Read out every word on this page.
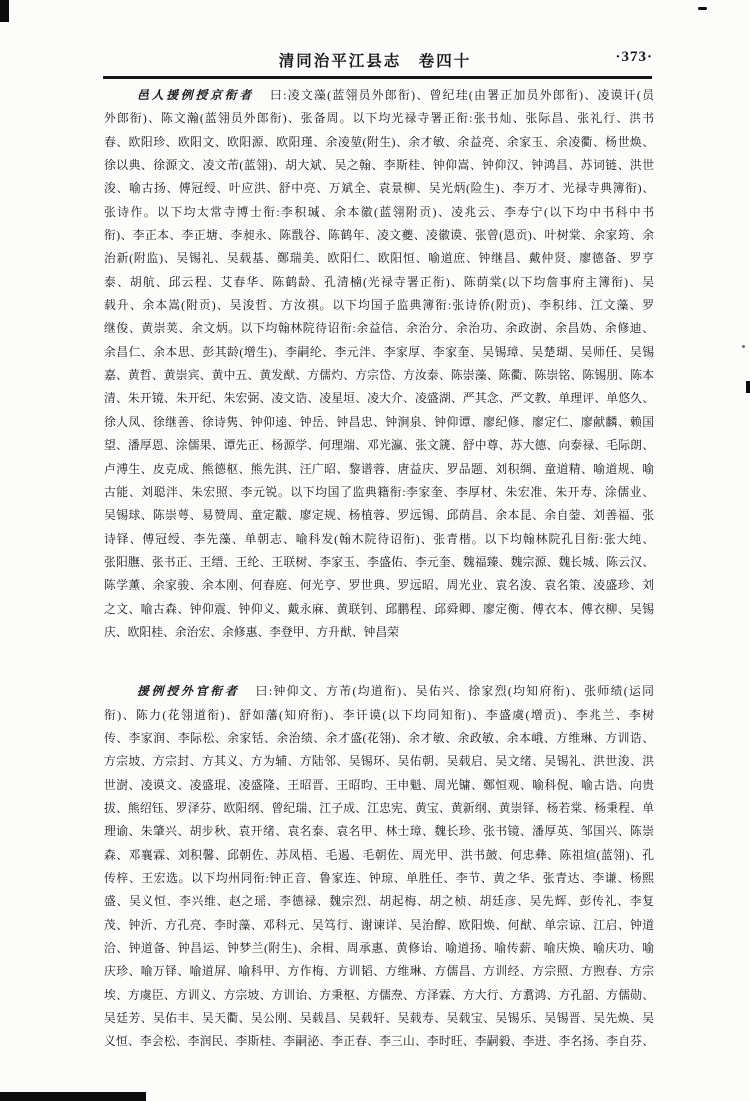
清同治平江县志　卷四十	·373·
邑人援例授京衔者 曰:凌文藻(蓝翎员外郎衔)、曾纪珪(由署正加员外郎衔)、凌谟讦(员
外郎衔)、陈文瀚(蓝翎员外郎衔)、张备周。以下均光禄寺署正衔:张书灿、张际昌、张礼行、洪书
春、欧阳珍、欧阳文、欧阳源、欧阳瑾、余凌堃(附生)、余才敏、余益亮、余家玉、余凌衢、杨世焕、
徐以典、徐源文、凌文芾(蓝翎)、胡大斌、吴之翰、李斯桂、钟仰嵩、钟仰汉、钟鸿昌、苏词链、洪世
浚、喻古扬、傅冠绶、叶应洪、舒中亮、万斌全、袁景柳、吴光炳(险生)、李万才、光禄寺典簿衔)、
张诗作。以下均太常寺博士衔:李积瑊、余本徽(蓝翎附贡)、凌兆云、李寿宁(以下均中书科中书
衔)、李正本、李正塘、李昶永、陈戬谷、陈鹤年、凌文夔、凌徽谟、张曾(恩贡)、叶树棠、余家筠、余
治新(附监)、吴锡礼、吴载基、鄭瑞美、欧阳仁、欧阳恒、喻道庶、钟继昌、戴仲贤、廖德备、罗亨
泰、胡航、邱云程、艾春华、陈鹤龄、孔清楠(光禄寺署正衔)、陈荫棠(以下均詹事府主簿衔)、吴
载升、余本嵩(附贡)、吴浚哲、方汝祺。以下均国子监典簿衔:张诗侨(附贡)、李积纬、江文藻、罗
继俊、黄崇荚、余文炳。以下均翰林院待诏衔:余益信、余治分、余治功、余政澍、余昌妫、余修迪、
余昌仁、余本思、彭其龄(增生)、李嗣纶、李元泮、李家厚、李家奎、吴锡璋、吴楚瑚、吴师任、吴锡
嘉、黄哲、黄崇宾、黄中五、黄发猷、方儒灼、方宗岱、方汝泰、陈崇藻、陈衢、陈崇铭、陈锡朋、陈本
清、朱开镜、朱开纪、朱宏弼、凌文诰、凌星垣、凌大介、凌盛湖、严其念、严文教、单理评、单悠久、
徐人凤、徐继善、徐诗隽、钟仰逵、钟岳、钟昌忠、钟涧泉、钟仰谭、廖纪修、廖定仁、廖献麟、赖国
望、潘厚恩、涂儒果、谭先正、杨源学、何理端、邓光瀛、张文篪、舒中尊、苏大德、向泰禄、毛际朗、
卢溥生、皮克成、熊德枢、熊先淇、汪广昭、黎谱蓉、唐益庆、罗品题、刘积绸、童道精、喻道规、喻
古能、刘聪泮、朱宏照、李元锐。以下均国了监典籍衔:李家奎、李厚材、朱宏准、朱开寿、涂儒业、
吴锡球、陈崇萼、易赞周、童定黻、廖定规、杨植蓉、罗远锡、邱荫昌、余本昆、余自蓥、刘善福、张
诗铎、傅冠绶、李先藻、单朝志、喻科发(翰木院待诏衔)、张青楷。以下均翰林院孔目衔:张大纯、
张阳膴、张书正、王缙、王纶、王联树、李家玉、李盛佑、李元奎、魏福臻、魏宗源、魏长城、陈云汉、
陈学薰、余家骏、余本刚、何春庭、何光亨、罗世典、罗远昭、周光业、袁名浚、袁名策、凌盛珍、刘
之文、喻古森、钟仰震、钟仰义、戴永麻、黄联钊、邱鹏程、邱舜卿、廖定衡、傅衣本、傅衣柳、吴锡
庆、欧阳桂、余治宏、余修惠、李登甲、方升猷、钟昌荣
援例授外官衔者 曰:钟仰文、方芾(均道衔)、吴佑兴、徐家烈(均知府衔)、张师绩(运同
衔)、陈力(花翎道衔)、舒如藩(知府衔)、李讦谟(以下均同知衔)、李盛虞(增贡)、李兆兰、李树
传、李家润、李际松、余家铦、余治绩、余才盛(花翎)、余才敏、余政敏、余本峨、方维琳、方训诰、
方宗坡、方宗封、方其义、方为辅、方陆邻、吴锡环、吴佑朝、吴载启、吴文绪、吴锡礼、洪世浚、洪
世澍、凌谟文、凌盛琨、凌盛隆、王昭晋、王昭昀、王申魁、周光镛、鄭恒观、喻科倪、喻古诰、向贵
拔、熊绍钰、罗泽芬、欧阳纲、曾纪瑞、江子成、江忠宪、黄宝、黄新纲、黄崇铎、杨若棠、杨秉程、单
理谕、朱肇兴、胡步秋、袁开绪、袁名泰、袁名甲、林士璋、魏长珍、张书镜、潘厚英、邹国兴、陈崇
森、邓襄霖、刘积馨、邱朝佐、苏凤梧、毛遏、毛朝佐、周光甲、洪书皷、何忠彝、陈祖煊(蓝翎)、孔
传梓、王宏选。以下均州同衔:钟正音、鲁家连、钟琼、单胜任、李节、黄之华、张青达、李谦、杨熙
盛、吴义恒、李兴维、赵之瑶、李德禄、魏宗烈、胡起梅、胡之桢、胡廷彦、吴先辉、彭传礼、李复
茂、钟沂、方孔亮、李时藻、邓科元、吴笃行、谢谏详、吴治醇、欧阳焕、何猷、单宗谅、江启、钟道
洽、钟道备、钟昌运、钟梦兰(附生)、余楫、周承惠、黄修诒、喻道扬、喻传薪、喻庆焕、喻庆功、喻
庆珍、喻万铎、喻道屏、喻科甲、方作梅、方训韬、方维琳、方儒昌、方训经、方宗照、方煦春、方宗
埃、方虞臣、方训义、方宗坡、方训诒、方秉枢、方儒焘、方泽霖、方大行、方翥鸿、方孔韶、方儒勋、
吴廷芳、吴佑丰、吴天衢、吴公刚、吴载昌、吴载轩、吴载寿、吴载宝、吴锡乐、吴锡晋、吴先焕、吴
义恒、李会松、李润民、李斯桂、李嗣泌、李正春、李三山、李时旺、李嗣毅、李进、李名扬、李自芬、
